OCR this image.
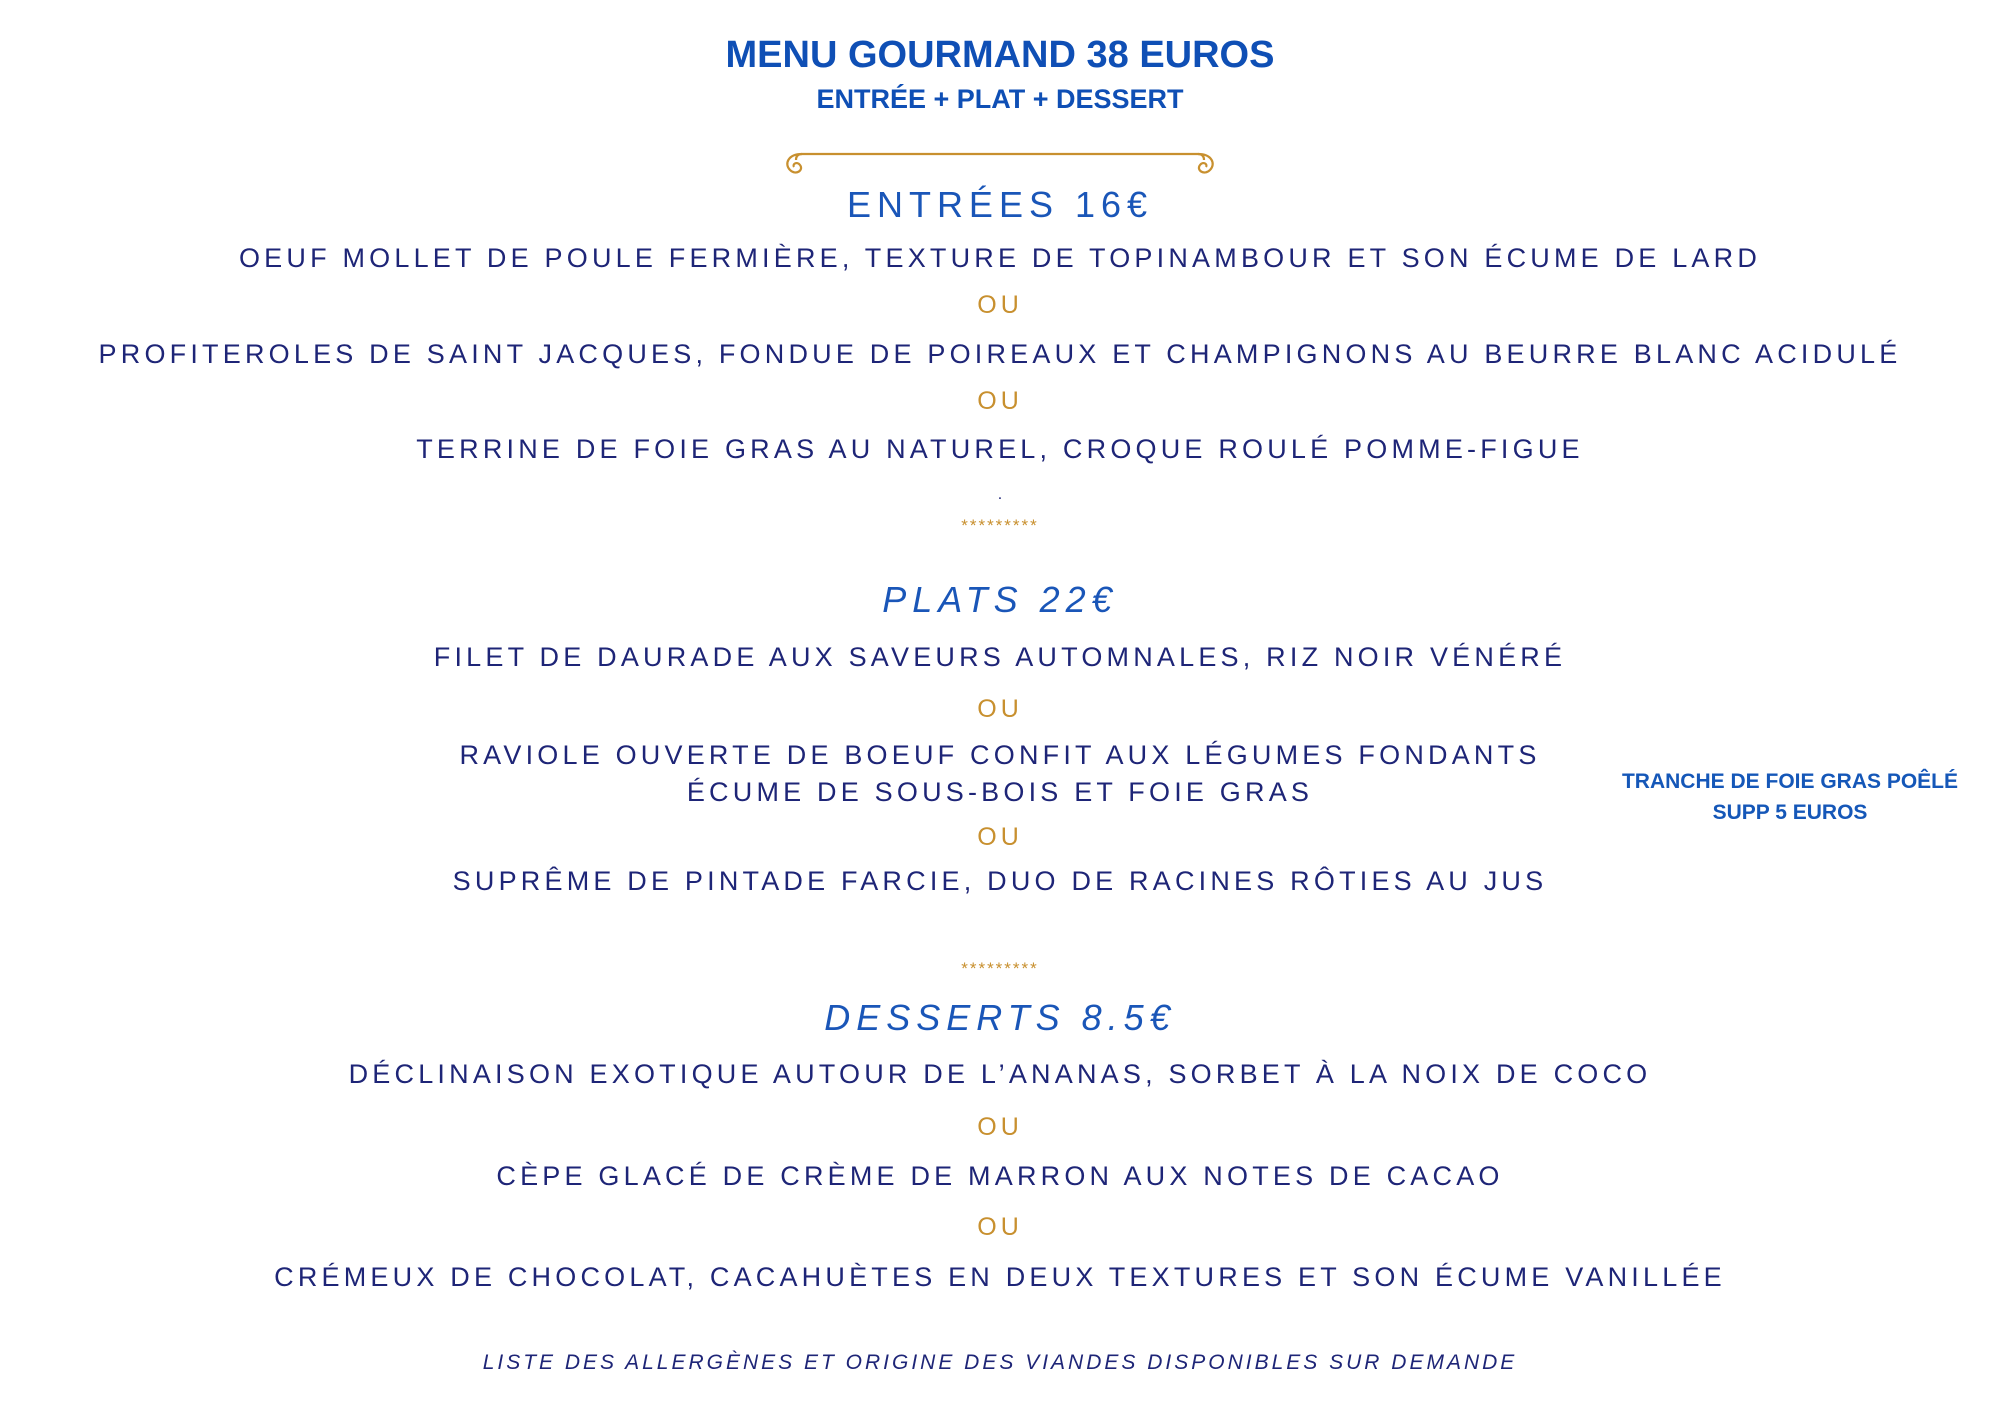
MENU GOURMAND 38 EUROS
ENTRÉE + PLAT + DESSERT
ENTRÉES 16€
OEUF MOLLET DE POULE FERMIÈRE, TEXTURE DE TOPINAMBOUR ET SON ÉCUME DE LARD
OU
PROFITEROLES DE SAINT JACQUES, FONDUE DE POIREAUX ET CHAMPIGNONS AU BEURRE BLANC ACIDULÉ
OU
TERRINE DE FOIE GRAS AU NATUREL, CROQUE ROULÉ POMME-FIGUE
.
*********
PLATS 22€
FILET DE DAURADE AUX SAVEURS AUTOMNALES, RIZ NOIR VÉNÉRÉ
OU
RAVIOLE OUVERTE DE BOEUF CONFIT AUX LÉGUMES FONDANTS
ÉCUME DE SOUS-BOIS ET FOIE GRAS
OU
SUPRÊME DE PINTADE FARCIE, DUO DE RACINES RÔTIES AU JUS
TRANCHE DE FOIE GRAS POÊLÉ
SUPP 5 EUROS
*********
DESSERTS 8.5€
DÉCLINAISON EXOTIQUE AUTOUR DE L’ANANAS, SORBET À LA NOIX DE COCO
OU
CÈPE GLACÉ DE CRÈME DE MARRON AUX NOTES DE CACAO
OU
CRÉMEUX DE CHOCOLAT, CACAHUÈTES EN DEUX TEXTURES ET SON ÉCUME VANILLÉE
LISTE DES ALLERGÈNES ET ORIGINE DES VIANDES DISPONIBLES SUR DEMANDE
